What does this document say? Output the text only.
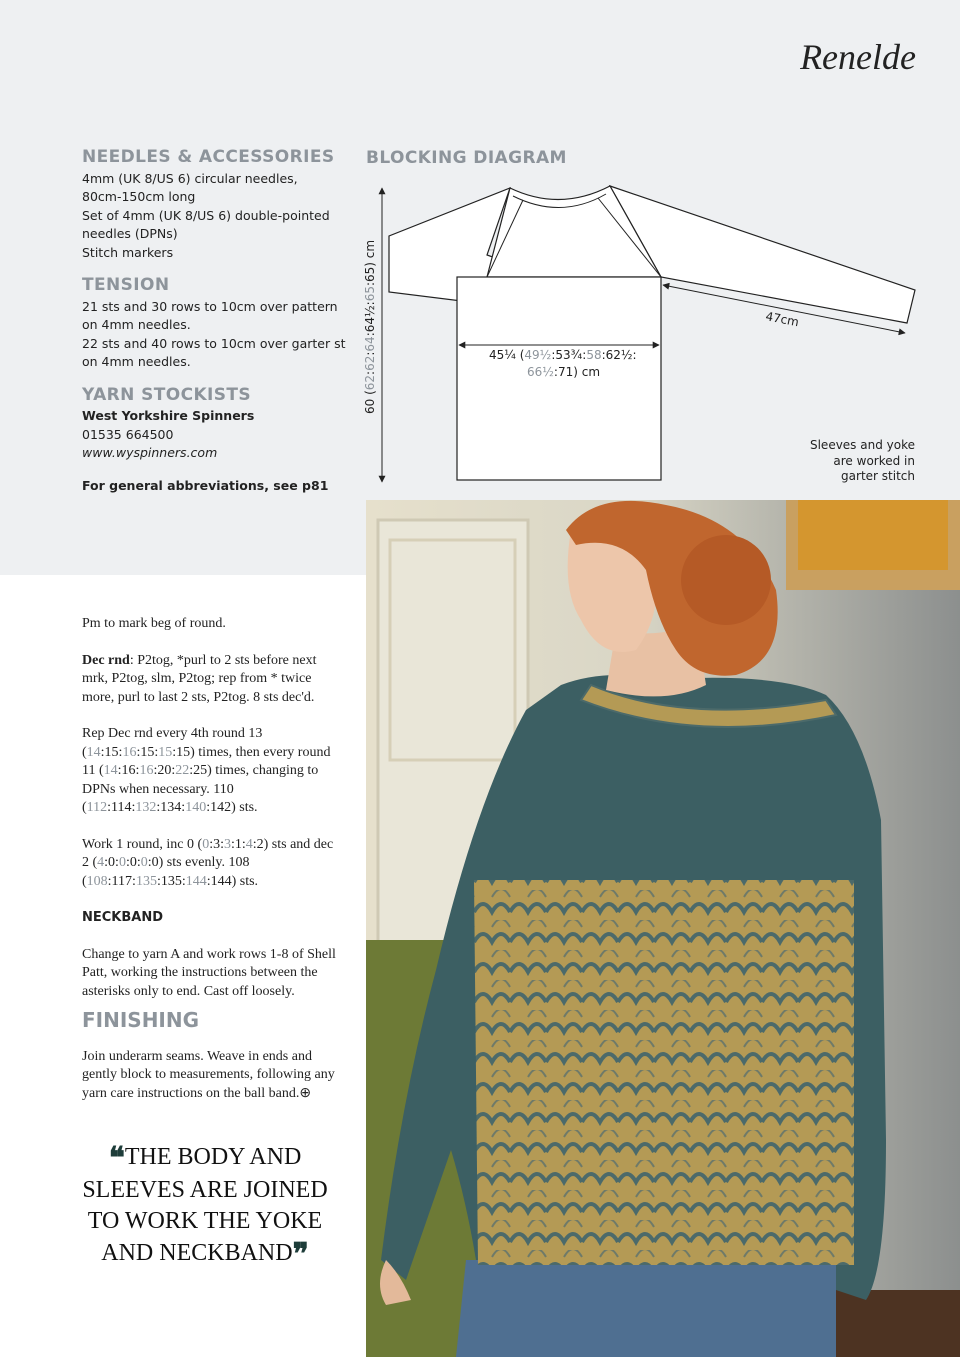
Renelde
NEEDLES & ACCESSORIES

4mm (UK 8/US 6) circular needles,

80cm-150cm long

Set of 4mm (UK 8/US 6) double-pointed

needles (DPNs)

Stitch markers

TENSION

21 sts and 30 rows to 10cm over pattern

on 4mm needles.

22 sts and 40 rows to 10cm over garter st

on 4mm needles.

YARN STOCKISTS

West Yorkshire Spinners

01535 664500

www.wyspinners.com

For general abbreviations, see p81

BLOCKING DIAGRAM
60 (62:62:64:64½:65:65) cm
45¼ (49½:53¾:58:62½:
66½:71) cm
47cm
Sleeves and yoke
are worked in
garter stitch

Pm to mark beg of round.

Dec rnd: P2tog, *purl to 2 sts before next mrk, P2tog, slm, P2tog; rep from * twice more, purl to last 2 sts, P2tog. 8 sts dec'd.

Rep Dec rnd every 4th round 13 (14:15:16:15:15:15) times, then every round 11 (14:16:16:20:22:25) times, changing to DPNs when necessary. 110 (112:114:132:134:140:142) sts.

Work 1 round, inc 0 (0:3:3:1:4:2) sts and dec 2 (4:0:0:0:0:0) sts evenly. 108 (108:117:135:135:144:144) sts.

NECKBAND

Change to yarn A and work rows 1-8 of Shell Patt, working the instructions between the asterisks only to end. Cast off loosely.

FINISHING

Join underarm seams. Weave in ends and gently block to measurements, following any yarn care instructions on the ball band.⊕

❝THE BODY AND SLEEVES ARE JOINED TO WORK THE YOKE AND NECKBAND❞
